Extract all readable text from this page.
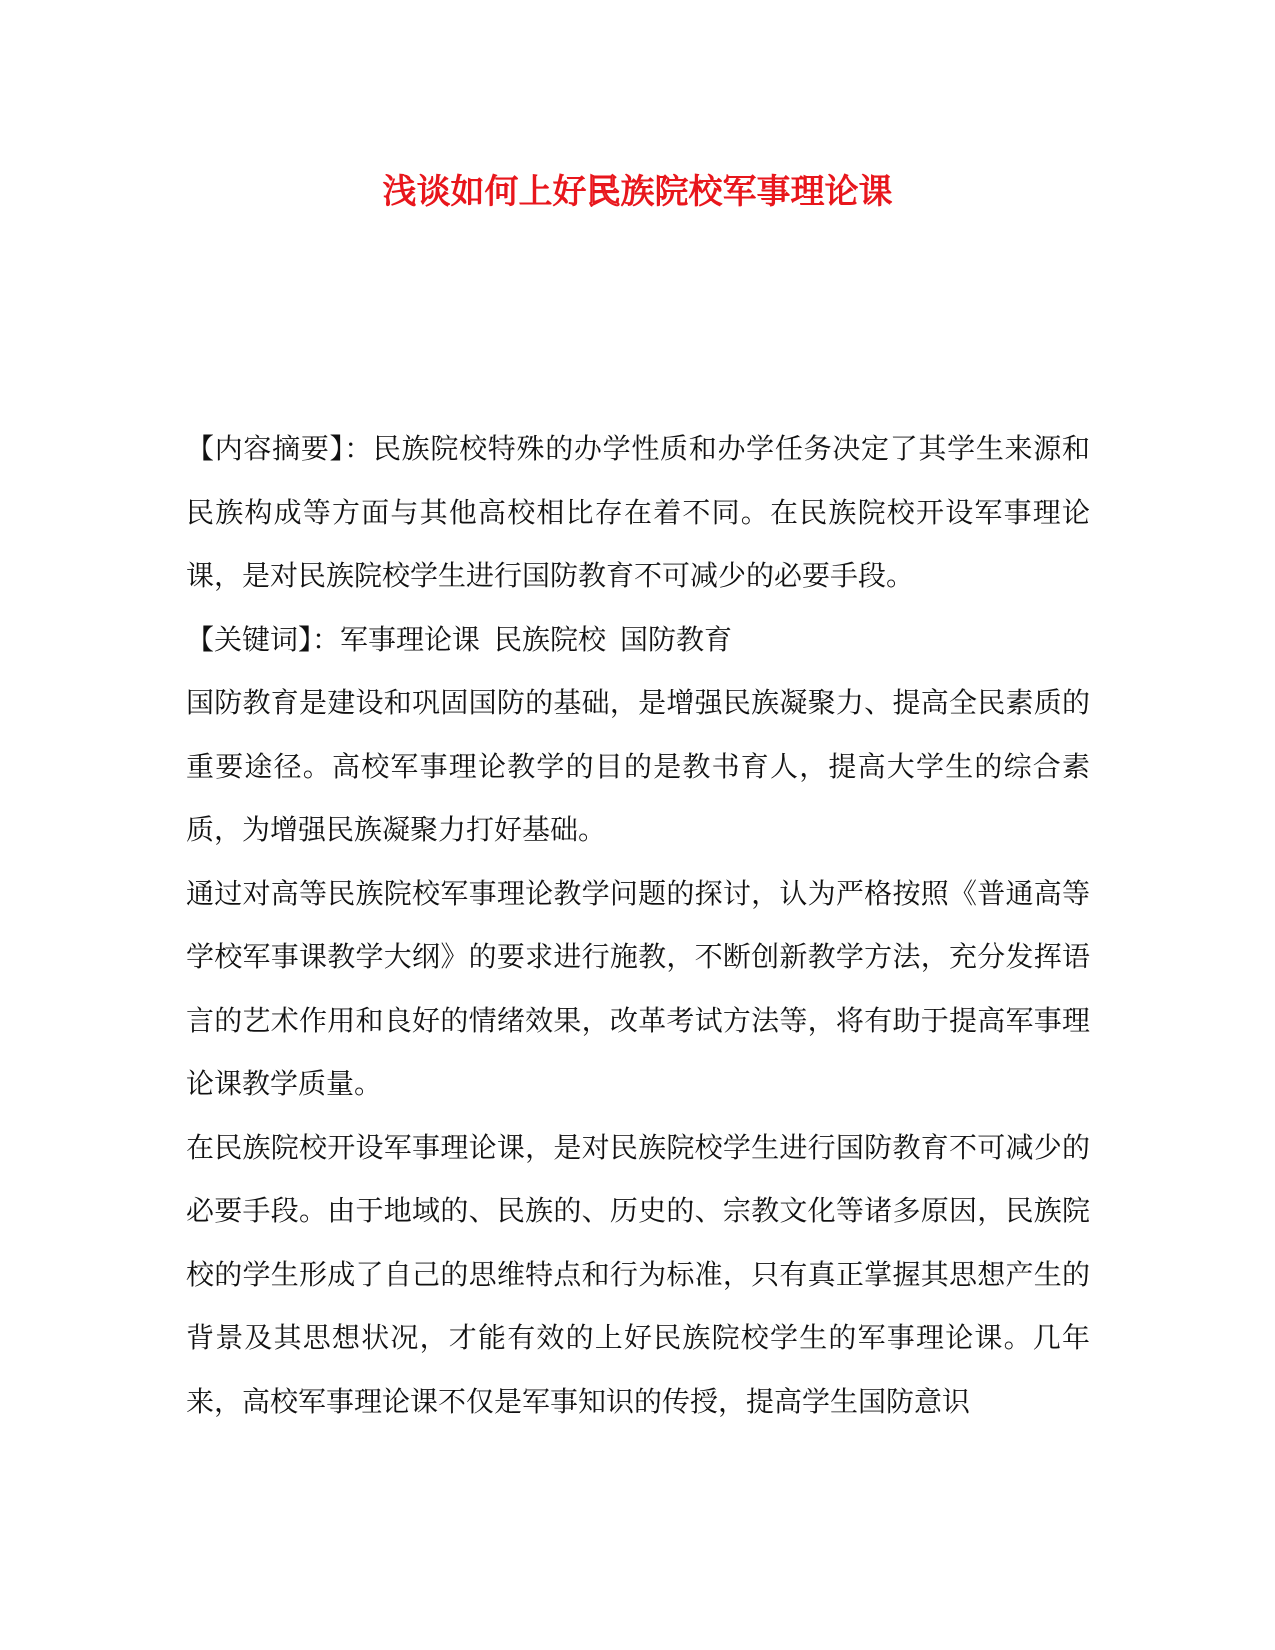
浅谈如何上好民族院校军事理论课

【内容摘要】：民族院校特殊的办学性质和办学任务决定了其学生来源和民族构成等方面与其他高校相比存在着不同。在民族院校开设军事理论课，是对民族院校学生进行国防教育不可减少的必要手段。

【关键词】：军事理论课 民族院校 国防教育

国防教育是建设和巩固国防的基础，是增强民族凝聚力、提高全民素质的重要途径。高校军事理论教学的目的是教书育人，提高大学生的综合素质，为增强民族凝聚力打好基础。

通过对高等民族院校军事理论教学问题的探讨，认为严格按照《普通高等学校军事课教学大纲》的要求进行施教，不断创新教学方法，充分发挥语言的艺术作用和良好的情绪效果，改革考试方法等，将有助于提高军事理论课教学质量。

在民族院校开设军事理论课，是对民族院校学生进行国防教育不可减少的必要手段。由于地域的、民族的、历史的、宗教文化等诸多原因，民族院校的学生形成了自己的思维特点和行为标准，只有真正掌握其思想产生的背景及其思想状况，才能有效的上好民族院校学生的军事理论课。几年来，高校军事理论课不仅是军事知识的传授，提高学生国防意识
